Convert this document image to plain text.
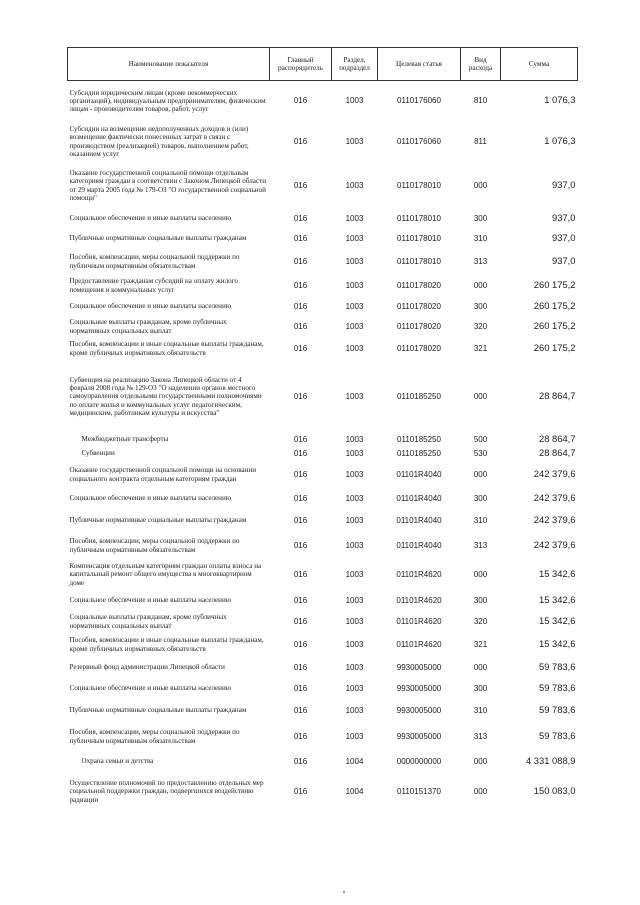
Наименование показателя	Главный распорядитель	Раздел, подраздел	Целевая статья	Вид расхода	Сумма
Субсидии юридическим лицам (кроме некоммерческих организаций), индивидуальным предпринимателям, физическим лицам - производителям товаров, работ, услуг	016	1003	0110176060	810	1 076,3
Субсидии на возмещение недополученных доходов и (или) возмещение фактически понесенных затрат в связи с производством (реализацией) товаров, выполнением работ, оказанием услуг	016	1003	0110176060	811	1 076,3
Оказание государственной социальной помощи отдельным категориям граждан в соответствии с Законом Липецкой области от 29 марта 2005 года № 179-ОЗ "О государственной социальной помощи"	016	1003	0110178010	000	937,0
Социальное обеспечение и иные выплаты населению	016	1003	0110178010	300	937,0
Публичные нормативные социальные выплаты гражданам	016	1003	0110178010	310	937,0
Пособия, компенсации, меры социальной поддержки по публичным нормативным обязательствам	016	1003	0110178010	313	937,0
Предоставление гражданам субсидий на оплату жилого помещения и коммунальных услуг	016	1003	0110178020	000	260 175,2
Социальное обеспечение и иные выплаты населению	016	1003	0110178020	300	260 175,2
Социальные выплаты гражданам, кроме публичных нормативных социальных выплат	016	1003	0110178020	320	260 175,2
Пособия, компенсации и иные социальные выплаты гражданам, кроме публичных нормативных обязательств	016	1003	0110178020	321	260 175,2
Субвенция на реализацию Закона Липецкой области от 4 февраля 2008 года № 129-ОЗ "О наделении органов местного самоуправления отдельными государственными полномочиями по оплате жилья и коммунальных услуг педагогическим, медицинским, работникам культуры и искусства"	016	1003	0110185250	000	28 864,7
Межбюджетные трансферты	016	1003	0110185250	500	28 864,7
Субвенции	016	1003	0110185250	530	28 864,7
Оказание государственной социальной помощи на основании социального контракта отдельным категориям граждан	016	1003	01101R4040	000	242 379,6
Социальное обеспечение и иные выплаты населению	016	1003	01101R4040	300	242 379,6
Публичные нормативные социальные выплаты гражданам	016	1003	01101R4040	310	242 379,6
Пособия, компенсации, меры социальной поддержки по публичным нормативным обязательствам	016	1003	01101R4040	313	242 379,6
Компенсация отдельным категориям граждан оплаты взноса на капитальный ремонт общего имущества в многоквартирном доме	016	1003	01101R4620	000	15 342,6
Социальное обеспечение и иные выплаты населению	016	1003	01101R4620	300	15 342,6
Социальные выплаты гражданам, кроме публичных нормативных социальных выплат	016	1003	01101R4620	320	15 342,6
Пособия, компенсации и иные социальные выплаты гражданам, кроме публичных нормативных обязательств	016	1003	01101R4620	321	15 342,6
Резервный фонд администрации Липецкой области	016	1003	9930005000	000	59 783,6
Социальное обеспечение и иные выплаты населению	016	1003	9930005000	300	59 783,6
Публичные нормативные социальные выплаты гражданам	016	1003	9930005000	310	59 783,6
Пособия, компенсации, меры социальной поддержки по публичным нормативным обязательствам	016	1003	9930005000	313	59 783,6
Охрана семьи и детства	016	1004	0000000000	000	4 331 088,9
Осуществление полномочий по предоставлению отдельных мер социальной поддержки граждан, подвергшихся воздействию радиации	016	1004	0110151370	000	150 083,0
